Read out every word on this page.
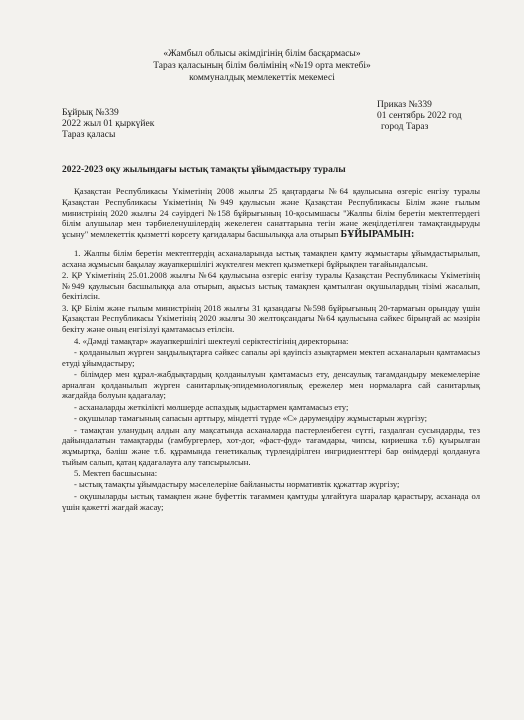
«Жамбыл облысы әкімдігінің білім басқармасы»
Тараз қаласының білім бөлімінің «№19 орта мектебі»
коммуналдық мемлекеттік мекемесі
Бұйрық №339
2022 жыл 01 қыркүйек
Тараз қаласы
Приказ №339
01 сентябрь 2022 год
город Тараз
2022-2023 оқу жылындағы ыстық тамақты ұйымдастыру туралы

Қазақстан Республикасы Үкіметінің 2008 жылғы 25 қаңтардағы №64 қаулысына өзгеріс енгізу туралы Қазақстан Республикасы Үкіметінің №949 қаулысын және Қазақстан Республикасы Білім және ғылым министрінің 2020 жылғы 24 сәуірдегі №158 бұйрығының 10-қосымшасы "Жалпы білім беретін мектептердегі білім алушылар мен тәрбиеленушілердің жекелеген санаттарына тегін және жеңілдетілген тамақтандыруды ұсыну" мемлекеттік қызметті көрсету қағидалары басшылыққа ала отырып БҰЙЫРАМЫН:

1. Жалпы білім беретін мектептердің асханаларында ыстық тамақпен қамту жұмыстары ұйымдастырылып, асхана жұмысын бақылау жауапкершілігі жүктелген мектеп қызметкері бұйрықпен тағайындалсын.

2. ҚР Үкіметінің 25.01.2008 жылғы №64 қаулысына өзгеріс енгізу туралы Қазақстан Республикасы Үкіметінің №949 қаулысын басшылыққа ала отырып, ақысыз ыстық тамақпен қамтылған оқушылардың тізімі жасалып, бекітілсін.

3. ҚР Білім және ғылым министрінің 2018 жылғы 31 қазандағы №598 бұйрығының 20-тармағын орындау үшін Қазақстан Республикасы Үкіметінің 2020 жылғы 30 желтоқсандағы №64 қаулысына сәйкес бірыңғай ас мәзірін бекіту және оның енгізілуі қамтамасыз етілсін.

4. «Дәмді тамақтар» жауапкершілігі шектеулі серіктестігінің директорына:

- қолданылып жүрген заңдылықтарға сәйкес сапалы әрі қауіпсіз азықтармен мектеп асханаларын қамтамасыз етуді ұйымдастыру;

- білімдер мен құрал-жабдықтардың қолданылуын қамтамасыз ету, денсаулық тағамдандыру мекемелеріне арналған қолданылып жүрген санитарлық-эпидемиологиялық ережелер мен нормаларға сай санитарлық жағдайда болуын қадағалау;

- асханаларды жеткілікті мөлшерде аспаздық ыдыстармен қамтамасыз ету;

- оқушылар тамағының сапасын арттыру, міндетті түрде «С» дәрумендіру жұмыстарын жүргізу;

- тамақтан уланудың алдын алу мақсатында асханаларда пастерленбеген сүтті, газдалған сусындарды, тез дайындалатын тамақтарды (гамбургерлер, хот-дог, «фаст-фуд» тағамдары, чипсы, кириешка т.б) қуырылған жұмыртқа, бәліш және т.б. құрамында генетикалық түрлендірілген ингридиенттері бар өнімдерді қолдануға тыйым салып, қатаң қадағалауға алу тапсырылсын.

5. Мектеп басшысына:

- ыстық тамақты ұйымдастыру мәселелеріне байланысты нормативтік құжаттар жүргізу;

- оқушыларды ыстық тамақпен және буфеттік тағаммен қамтуды ұлғайтуға шаралар қарастыру, асханада ол үшін қажетті жағдай жасау;
